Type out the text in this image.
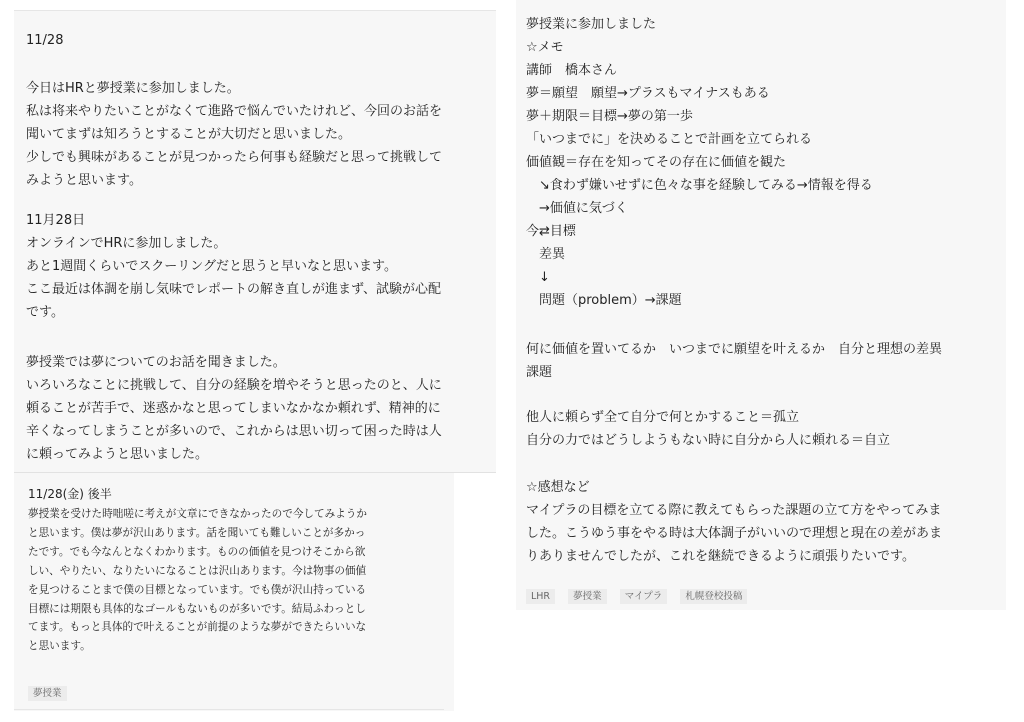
11/28
今日はHRと夢授業に参加しました。
私は将来やりたいことがなくて進路で悩んでいたけれど、今回のお話を
聞いてまずは知ろうとすることが大切だと思いました。
少しでも興味があることが見つかったら何事も経験だと思って挑戦して
みようと思います。
11月28日
オンラインでHRに参加しました。
あと1週間くらいでスクーリングだと思うと早いなと思います。
ここ最近は体調を崩し気味でレポートの解き直しが進まず、試験が心配
です。
夢授業では夢についてのお話を聞きました。
いろいろなことに挑戦して、自分の経験を増やそうと思ったのと、人に
頼ることが苦手で、迷惑かなと思ってしまいなかなか頼れず、精神的に
辛くなってしまうことが多いので、これからは思い切って困った時は人
に頼ってみようと思いました。
11/28(金) 後半
夢授業を受けた時咄嗟に考えが文章にできなかったので今してみようか
と思います。僕は夢が沢山あります。話を聞いても難しいことが多かっ
たです。でも今なんとなくわかります。ものの価値を見つけそこから欲
しい、やりたい、なりたいになることは沢山あります。今は物事の価値
を見つけることまで僕の目標となっています。でも僕が沢山持っている
目標には期限も具体的なゴールもないものが多いです。結局ふわっとし
てます。もっと具体的で叶えることが前提のような夢ができたらいいな
と思います。
夢授業
夢授業に参加しました
☆メモ
講師　橋本さん
夢＝願望　願望→プラスもマイナスもある
夢＋期限＝目標→夢の第一歩
「いつまでに」を決めることで計画を立てられる
価値観＝存在を知ってその存在に価値を観た
　↘食わず嫌いせずに色々な事を経験してみる→情報を得る
　→価値に気づく
今⇄目標
　差異
　↓
　問題（problem）→課題
何に価値を置いてるか　いつまでに願望を叶えるか　自分と理想の差異
課題
他人に頼らず全て自分で何とかすること＝孤立
自分の力ではどうしようもない時に自分から人に頼れる＝自立
☆感想など
マイプラの目標を立てる際に教えてもらった課題の立て方をやってみま
した。こうゆう事をやる時は大体調子がいいので理想と現在の差があま
りありませんでしたが、これを継続できるように頑張りたいです。
LHR 夢授業 マイプラ 札幌登校投稿
